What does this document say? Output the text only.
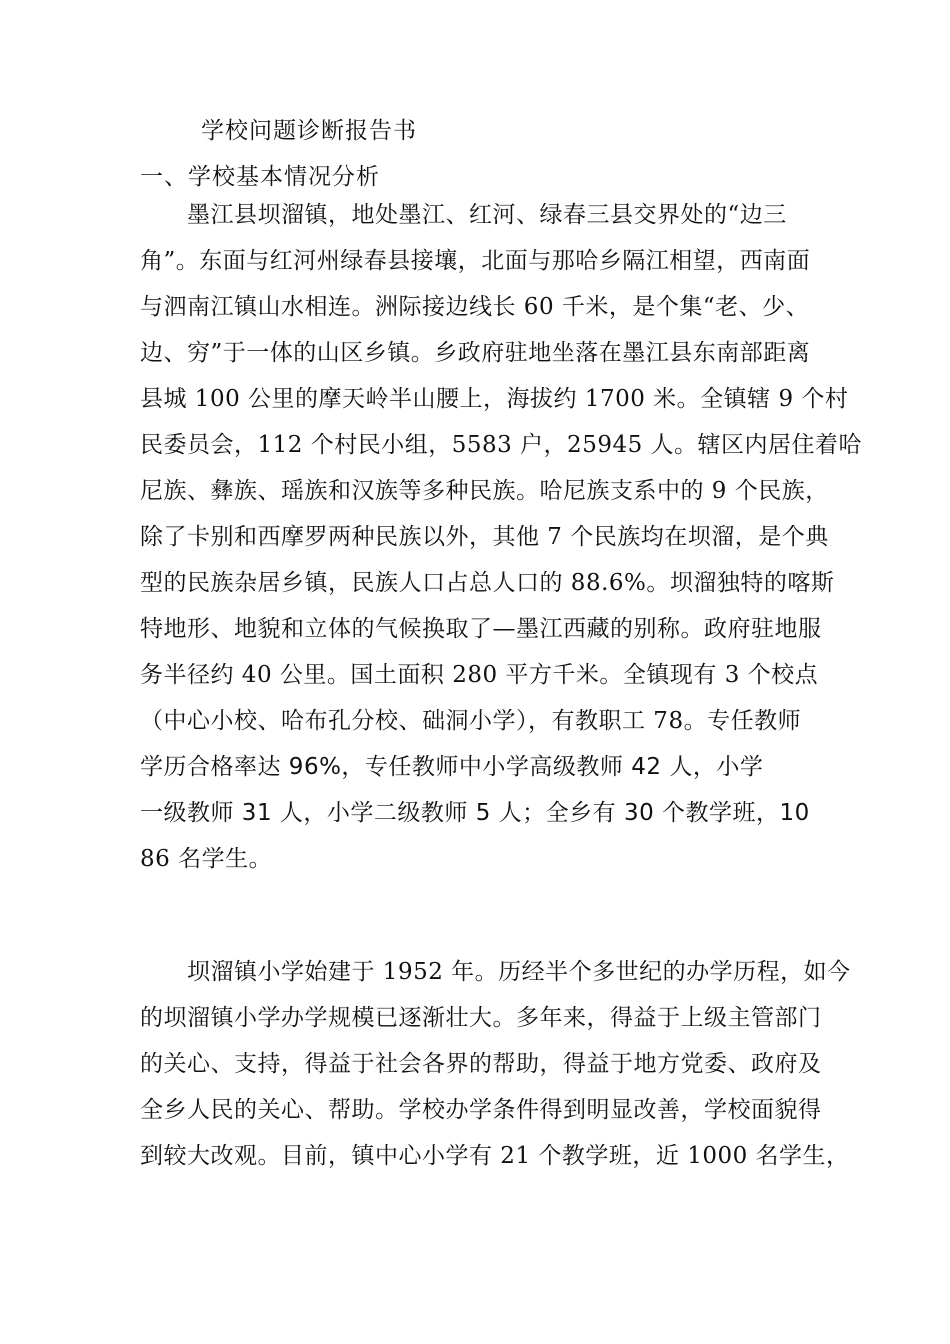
学校问题诊断报告书
一、学校基本情况分析
墨江县坝溜镇，地处墨江、红河、绿春三县交界处的“边三
角”。东面与红河州绿春县接壤，北面与那哈乡隔江相望，西南面
与泗南江镇山水相连。洲际接边线长 60 千米，是个集“老、少、
边、穷”于一体的山区乡镇。乡政府驻地坐落在墨江县东南部距离
县城 100 公里的摩天岭半山腰上，海拔约 1700 米。全镇辖 9 个村
民委员会，112 个村民小组，5583 户，25945 人。辖区内居住着哈
尼族、彝族、瑶族和汉族等多种民族。哈尼族支系中的 9 个民族，
除了卡别和西摩罗两种民族以外，其他 7 个民族均在坝溜，是个典
型的民族杂居乡镇，民族人口占总人口的 88.6%。坝溜独特的喀斯
特地形、地貌和立体的气候换取了—墨江西藏的别称。政府驻地服
务半径约 40 公里。国土面积 280 平方千米。全镇现有 3 个校点
（中心小校、哈布孔分校、础洞小学），有教职工 78。专任教师
学历合格率达 96%，专任教师中小学高级教师 42 人，小学
一级教师 31 人，小学二级教师 5 人；全乡有 30 个教学班，10
86 名学生。
坝溜镇小学始建于 1952 年。历经半个多世纪的办学历程，如今
的坝溜镇小学办学规模已逐渐壮大。多年来，得益于上级主管部门
的关心、支持，得益于社会各界的帮助，得益于地方党委、政府及
全乡人民的关心、帮助。学校办学条件得到明显改善，学校面貌得
到较大改观。目前，镇中心小学有 21 个教学班，近 1000 名学生，
